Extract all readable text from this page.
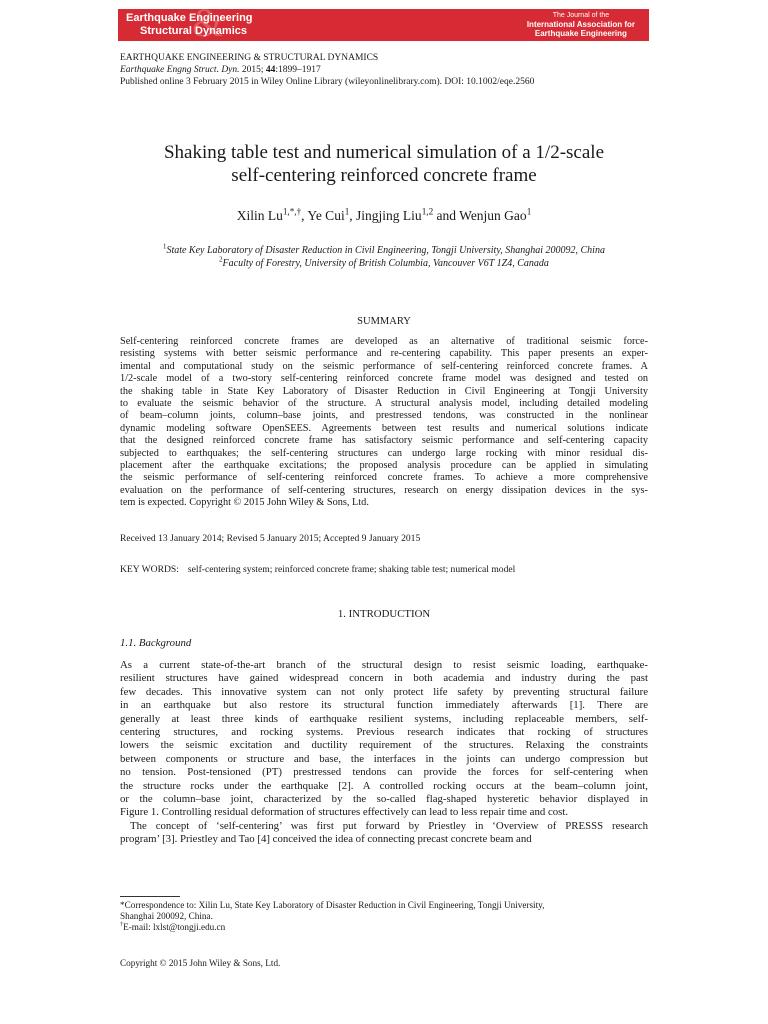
&
Earthquake Engineering
Structural Dynamics
The Journal of the
International Association for
Earthquake Engineering
EARTHQUAKE ENGINEERING & STRUCTURAL DYNAMICS
Earthquake Engng Struct. Dyn. 2015; 44:1899–1917
Published online 3 February 2015 in Wiley Online Library (wileyonlinelibrary.com). DOI: 10.1002/eqe.2560
Shaking table test and numerical simulation of a 1/2-scale
self-centering reinforced concrete frame
Xilin $Lu^{1,*,\dagger}$, Ye Cui$^1$, Jingjing Liu$^{1,2}$ and Wenjun Gao$^1$
$^1$State Key Laboratory of Disaster Reduction in Civil Engineering, Tongji University, Shanghai 200092, China
$^2$Faculty of Forestry, University of British Columbia, Vancouver V6T 1Z4, Canada
SUMMARY
Self-centering reinforced concrete frames are developed as an alternative of traditional seismic force-
resisting systems with better seismic performance and re-centering capability. This paper presents an exper-
imental and computational study on the seismic performance of self-centering reinforced concrete frames. A
1/2-scale model of a two-story self-centering reinforced concrete frame model was designed and tested on
the shaking table in State Key Laboratory of Disaster Reduction in Civil Engineering at Tongji University
to evaluate the seismic behavior of the structure. A structural analysis model, including detailed modeling
of beam–column joints, column–base joints, and prestressed tendons, was constructed in the nonlinear
dynamic modeling software OpenSEES. Agreements between test results and numerical solutions indicate
that the designed reinforced concrete frame has satisfactory seismic performance and self-centering capacity
subjected to earthquakes; the self-centering structures can undergo large rocking with minor residual dis-
placement after the earthquake excitations; the proposed analysis procedure can be applied in simulating
the seismic performance of self-centering reinforced concrete frames. To achieve a more comprehensive
evaluation on the performance of self-centering structures, research on energy dissipation devices in the sys-
tem is expected. Copyright © 2015 John Wiley & Sons, Ltd.
Received 13 January 2014; Revised 5 January 2015; Accepted 9 January 2015
KEY WORDS: self-centering system; reinforced concrete frame; shaking table test; numerical model
1. INTRODUCTION
1.1. Background
As a current state-of-the-art branch of the structural design to resist seismic loading, earthquake-
resilient structures have gained widespread concern in both academia and industry during the past
few decades. This innovative system can not only protect life safety by preventing structural failure
in an earthquake but also restore its structural function immediately afterwards [1]. There are
generally at least three kinds of earthquake resilient systems, including replaceable members, self-
centering structures, and rocking systems. Previous research indicates that rocking of structures
lowers the seismic excitation and ductility requirement of the structures. Relaxing the constraints
between components or structure and base, the interfaces in the joints can undergo compression but
no tension. Post-tensioned (PT) prestressed tendons can provide the forces for self-centering when
the structure rocks under the earthquake [2]. A controlled rocking occurs at the beam–column joint,
or the column–base joint, characterized by the so-called flag-shaped hysteretic behavior displayed in
Figure 1. Controlling residual deformation of structures effectively can lead to less repair time and cost.
The concept of ‘self-centering’ was first put forward by Priestley in ‘Overview of PRESSS research
program’ [3]. Priestley and Tao [4] conceived the idea of connecting precast concrete beam and
*Correspondence to: Xilin Lu, State Key Laboratory of Disaster Reduction in Civil Engineering, Tongji University,
Shanghai 200092, China.
†E-mail: lxlst@tongji.edu.cn
Copyright © 2015 John Wiley & Sons, Ltd.
